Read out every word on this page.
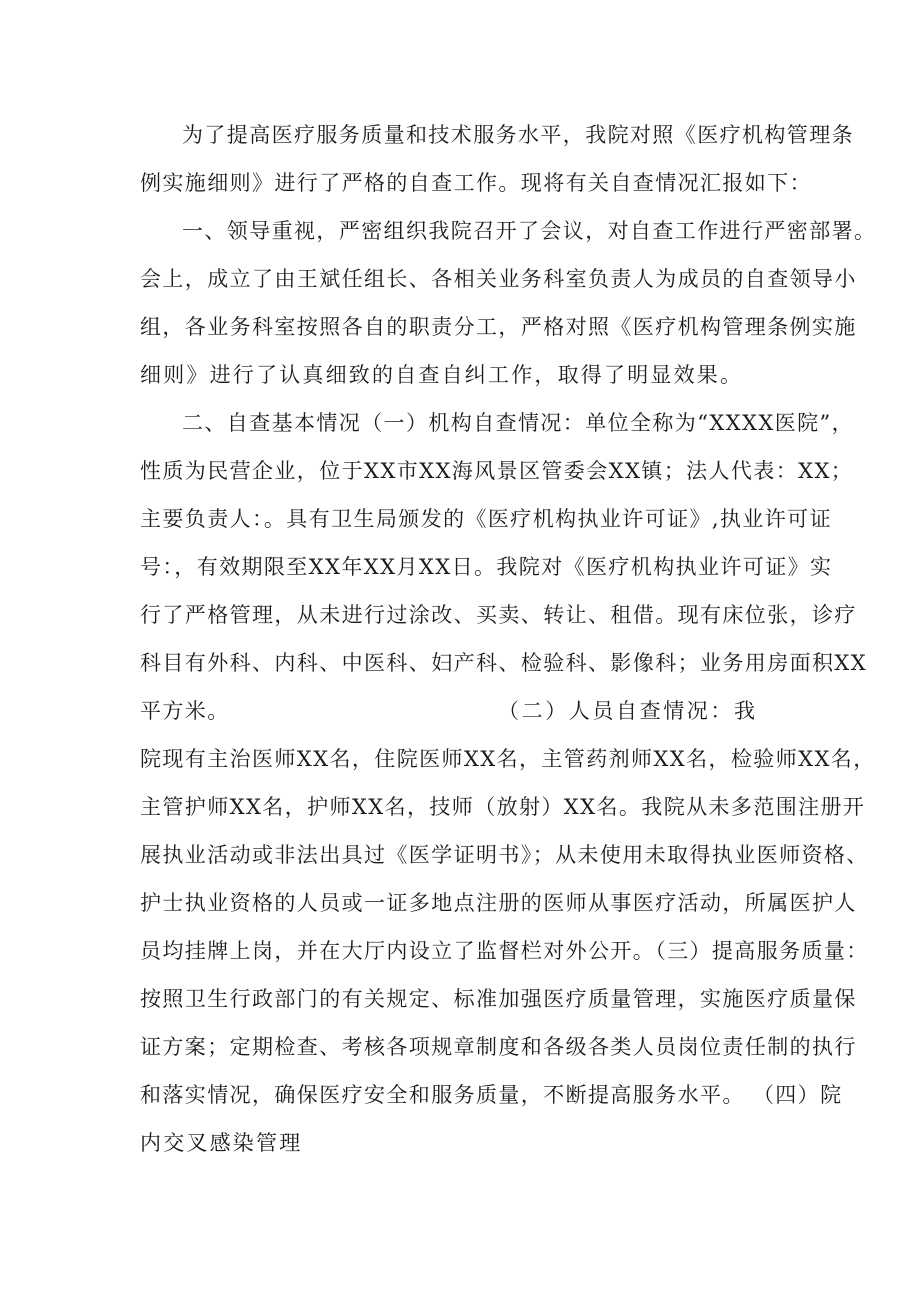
为了提高医疗服务质量和技术服务水平，我院对照《医疗机构管理条
例实施细则》进行了严格的自查工作。现将有关自查情况汇报如下：
一、领导重视，严密组织我院召开了会议，对自查工作进行严密部署。
会上，成立了由王斌任组长、各相关业务科室负责人为成员的自查领导小
组，各业务科室按照各自的职责分工，严格对照《医疗机构管理条例实施
细则》进行了认真细致的自查自纠工作，取得了明显效果。
二、自查基本情况（一）机构自查情况：单位全称为“XXXX医院”，
性质为民营企业，位于XX市XX海风景区管委会XX镇；法人代表：XX；
主要负责人：。具有卫生局颁发的《医疗机构执业许可证》,执业许可证
号：，有效期限至XX年XX月XX日。我院对《医疗机构执业许可证》实
行了严格管理，从未进行过涂改、买卖、转让、租借。现有床位张，诊疗
科目有外科、内科、中医科、妇产科、检验科、影像科；业务用房面积XX
平方米。	（二）人员自查情况：我
院现有主治医师XX名，住院医师XX名，主管药剂师XX名，检验师XX名，
主管护师XX名，护师XX名，技师（放射）XX名。我院从未多范围注册开
展执业活动或非法出具过《医学证明书》；从未使用未取得执业医师资格、
护士执业资格的人员或一证多地点注册的医师从事医疗活动，所属医护人
员均挂牌上岗，并在大厅内设立了监督栏对外公开。（三）提高服务质量：
按照卫生行政部门的有关规定、标准加强医疗质量管理，实施医疗质量保
证方案；定期检查、考核各项规章制度和各级各类人员岗位责任制的执行
和落实情况，确保医疗安全和服务质量，不断提高服务水平。 （四）院
内交叉感染管理
